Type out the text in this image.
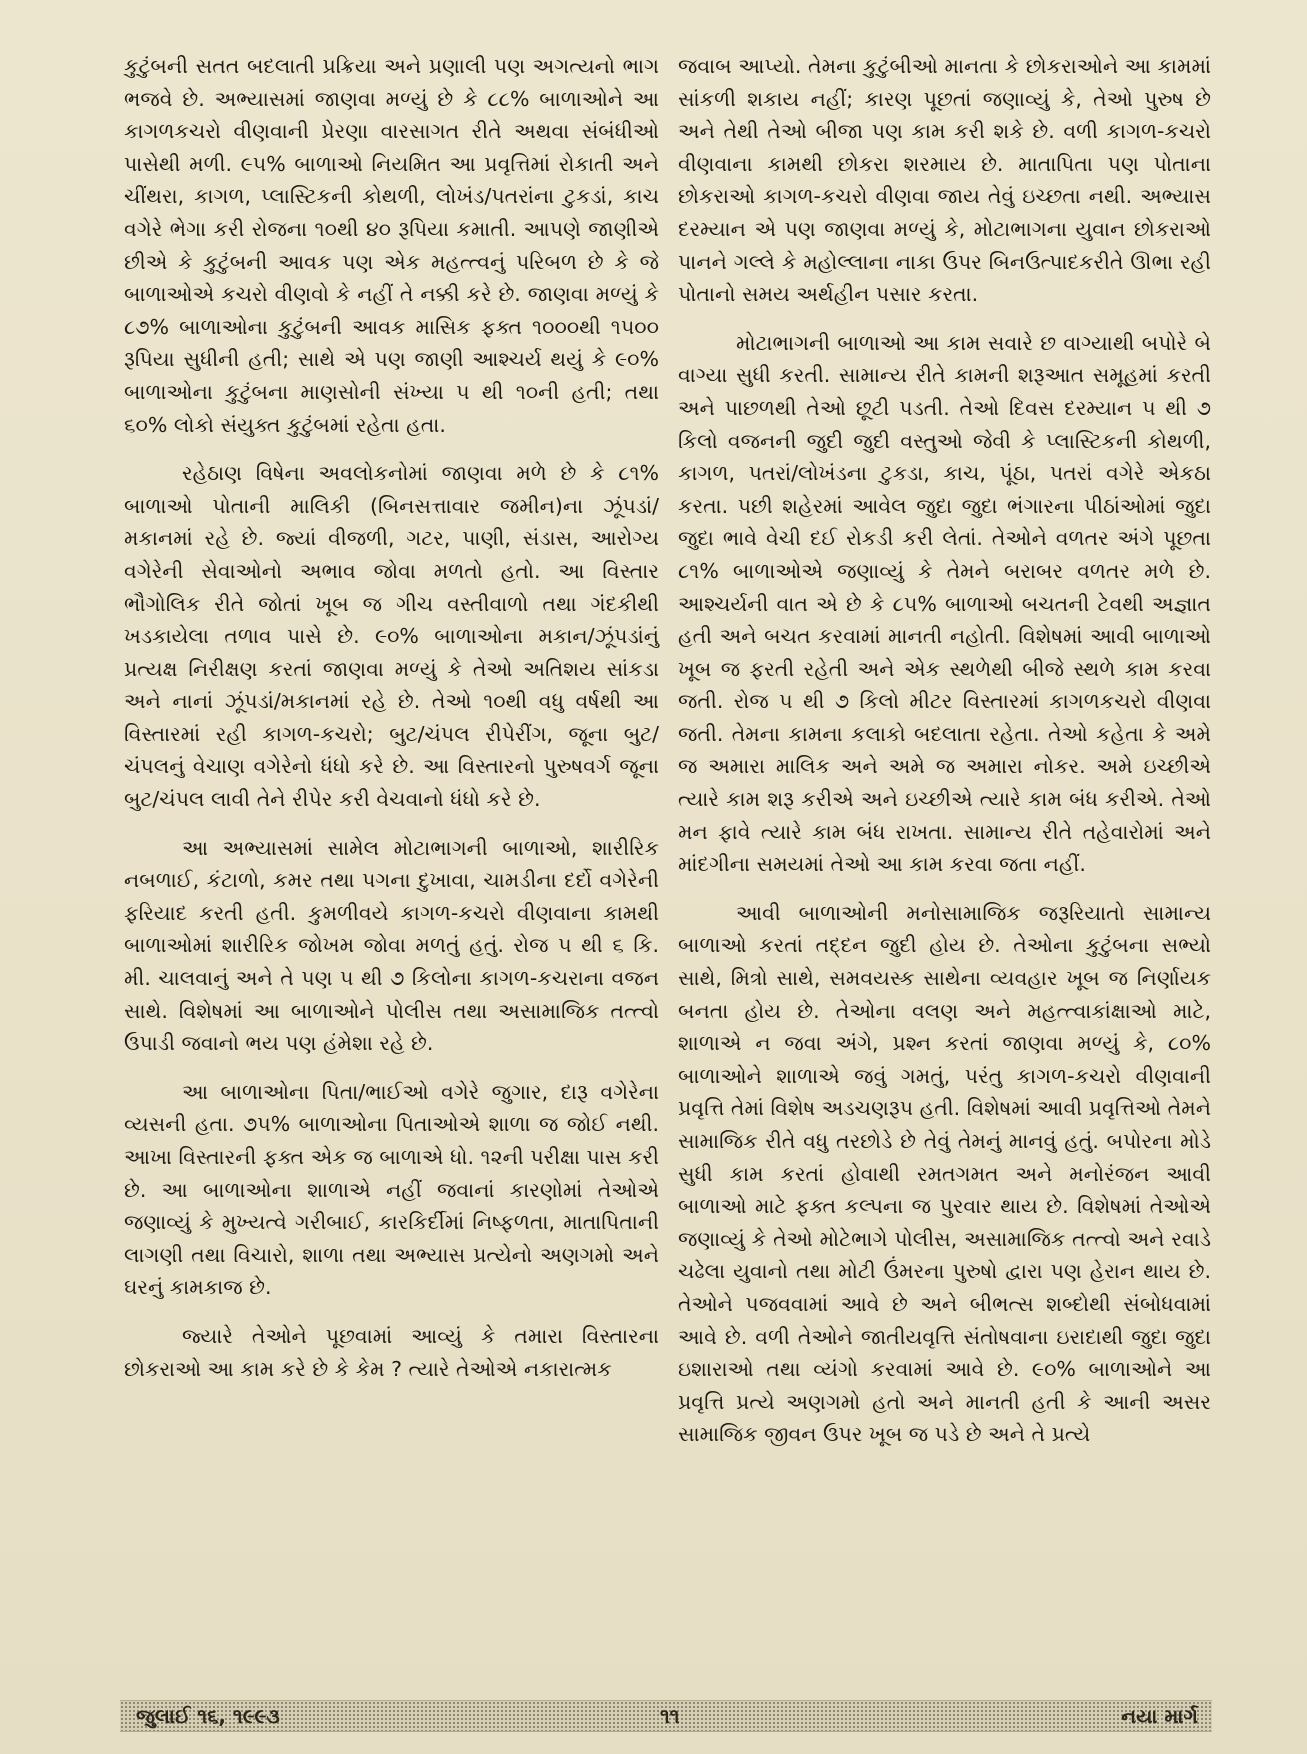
કુટુંબની સતત બદલાતી પ્રક્રિયા અને પ્રણાલી પણ અગત્યનો ભાગ ભજવે છે. અભ્યાસમાં જાણવા મળ્યું છે કે ૮૮% બાળાઓને આ કાગળકચરો વીણવાની પ્રેરણા વારસાગત રીતે અથવા સંબંધીઓ પાસેથી મળી. ૯૫% બાળાઓ નિયમિત આ પ્રવૃત્તિમાં રોકાતી અને ચીંથરા, કાગળ, પ્લાસ્ટિકની કોથળી, લોખંડ/પતરાંના ટુકડાં, કાચ વગેરે ભેગા કરી રોજના ૧૦થી ૪૦ રૂપિયા કમાતી. આપણે જાણીએ છીએ કે કુટુંબની આવક પણ એક મહત્ત્વનું પરિબળ છે કે જે બાળાઓએ કચરો વીણવો કે નહીં તે નક્કી કરે છે. જાણવા મળ્યું કે ૮૭% બાળાઓના કુટુંબની આવક માસિક ફક્ત ૧૦૦૦થી ૧૫૦૦ રૂપિયા સુધીની હતી; સાથે એ પણ જાણી આશ્ચર્ય થયું કે ૯૦% બાળાઓના કુટુંબના માણસોની સંખ્યા ૫ થી ૧૦ની હતી; તથા ૬૦% લોકો સંયુક્ત કુટુંબમાં રહેતા હતા.

રહેઠાણ વિષેના અવલોકનોમાં જાણવા મળે છે કે ૮૧% બાળાઓ પોતાની માલિકી (બિનસત્તાવાર જમીન)ના ઝૂંપડાં/મકાનમાં રહે છે. જ્યાં વીજળી, ગટર, પાણી, સંડાસ, આરોગ્ય વગેરેની સેવાઓનો અભાવ જોવા મળતો હતો. આ વિસ્તાર ભૌગોલિક રીતે જોતાં ખૂબ જ ગીચ વસ્તીવાળો તથા ગંદકીથી ખડકાયેલા તળાવ પાસે છે. ૯૦% બાળાઓના મકાન/ઝૂંપડાંનું પ્રત્યક્ષ નિરીક્ષણ કરતાં જાણવા મળ્યું કે તેઓ અતિશય સાંકડા અને નાનાં ઝૂંપડાં/મકાનમાં રહે છે. તેઓ ૧૦થી વધુ વર્ષથી આ વિસ્તારમાં રહી કાગળ-કચરો; બુટ/ચંપલ રીપેરીંગ, જૂના બુટ/ચંપલનું વેચાણ વગેરેનો ધંધો કરે છે. આ વિસ્તારનો પુરુષવર્ગ જૂના બુટ/ચંપલ લાવી તેને રીપેર કરી વેચવાનો ધંધો કરે છે.

આ અભ્યાસમાં સામેલ મોટાભાગની બાળાઓ, શારીરિક નબળાઈ, કંટાળો, કમર તથા પગના દુખાવા, ચામડીના દર્દો વગેરેની ફરિયાદ કરતી હતી. કુમળીવયે કાગળ-કચરો વીણવાના કામથી બાળાઓમાં શારીરિક જોખમ જોવા મળતું હતું. રોજ ૫ થી ૬ કિ. મી. ચાલવાનું અને તે પણ ૫ થી ૭ કિલોના કાગળ-કચરાના વજન સાથે. વિશેષમાં આ બાળાઓને પોલીસ તથા અસામાજિક તત્ત્વો ઉપાડી જવાનો ભય પણ હંમેશા રહે છે.

આ બાળાઓના પિતા/ભાઈઓ વગેરે જુગાર, દારૂ વગેરેના વ્યસની હતા. ૭૫% બાળાઓના પિતાઓએ શાળા જ જોઈ નથી. આખા વિસ્તારની ફક્ત એક જ બાળાએ ધો. ૧૨ની પરીક્ષા પાસ કરી છે. આ બાળાઓના શાળાએ નહીં જવાનાં કારણોમાં તેઓએ જણાવ્યું કે મુખ્યત્વે ગરીબાઈ, કારકિર્દીમાં નિષ્ફળતા, માતાપિતાની લાગણી તથા વિચારો, શાળા તથા અભ્યાસ પ્રત્યેનો અણગમો અને ઘરનું કામકાજ છે.

જ્યારે તેઓને પૂછવામાં આવ્યું કે તમારા વિસ્તારના છોકરાઓ આ કામ કરે છે કે કેમ ? ત્યારે તેઓએ નકારાત્મક

જવાબ આપ્યો. તેમના કુટુંબીઓ માનતા કે છોકરાઓને આ કામમાં સાંકળી શકાય નહીં; કારણ પૂછતાં જણાવ્યું કે, તેઓ પુરુષ છે અને તેથી તેઓ બીજા પણ કામ કરી શકે છે. વળી કાગળ-કચરો વીણવાના કામથી છોકરા શરમાય છે. માતાપિતા પણ પોતાના છોકરાઓ કાગળ-કચરો વીણવા જાય તેવું ઇચ્છતા નથી. અભ્યાસ દરમ્યાન એ પણ જાણવા મળ્યું કે, મોટાભાગના યુવાન છોકરાઓ પાનને ગલ્લે કે મહોલ્લાના નાકા ઉપર બિનઉત્પાદકરીતે ઊભા રહી પોતાનો સમય અર્થહીન પસાર કરતા.

મોટાભાગની બાળાઓ આ કામ સવારે છ વાગ્યાથી બપોરે બે વાગ્યા સુધી કરતી. સામાન્ય રીતે કામની શરૂઆત સમૂહમાં કરતી અને પાછળથી તેઓ છૂટી પડતી. તેઓ દિવસ દરમ્યાન ૫ થી ૭ કિલો વજનની જુદી જુદી વસ્તુઓ જેવી કે પ્લાસ્ટિકની કોથળી, કાગળ, પતરાં/લોખંડના ટુકડા, કાચ, પૂંઠા, પતરાં વગેરે એકઠા કરતા. પછી શહેરમાં આવેલ જુદા જુદા ભંગારના પીઠાંઓમાં જુદા જુદા ભાવે વેચી દઈ રોકડી કરી લેતાં. તેઓને વળતર અંગે પૂછતા ૮૧% બાળાઓએ જણાવ્યું કે તેમને બરાબર વળતર મળે છે. આશ્ચર્યની વાત એ છે કે ૮૫% બાળાઓ બચતની ટેવથી અજ્ઞાત હતી અને બચત કરવામાં માનતી નહોતી. વિશેષમાં આવી બાળાઓ ખૂબ જ ફરતી રહેતી અને એક સ્થળેથી બીજે સ્થળે કામ કરવા જતી. રોજ ૫ થી ૭ કિલો મીટર વિસ્તારમાં કાગળકચરો વીણવા જતી. તેમના કામના કલાકો બદલાતા રહેતા. તેઓ કહેતા કે અમે જ અમારા માલિક અને અમે જ અમારા નોકર. અમે ઇચ્છીએ ત્યારે કામ શરૂ કરીએ અને ઇચ્છીએ ત્યારે કામ બંધ કરીએ. તેઓ મન ફાવે ત્યારે કામ બંધ રાખતા. સામાન્ય રીતે તહેવારોમાં અને માંદગીના સમયમાં તેઓ આ કામ કરવા જતા નહીં.

આવી બાળાઓની મનોસામાજિક જરૂરિયાતો સામાન્ય બાળાઓ કરતાં તદ્દન જુદી હોય છે. તેઓના કુટુંબના સભ્યો સાથે, મિત્રો સાથે, સમવયસ્ક સાથેના વ્યવહાર ખૂબ જ નિર્ણાયક બનતા હોય છે. તેઓના વલણ અને મહત્ત્વાકાંક્ષાઓ માટે, શાળાએ ન જવા અંગે, પ્રશ્ન કરતાં જાણવા મળ્યું કે, ૮૦% બાળાઓને શાળાએ જવું ગમતું, પરંતુ કાગળ-કચરો વીણવાની પ્રવૃત્તિ તેમાં વિશેષ અડચણરૂપ હતી. વિશેષમાં આવી પ્રવૃત્તિઓ તેમને સામાજિક રીતે વધુ તરછોડે છે તેવું તેમનું માનવું હતું. બપોરના મોડે સુધી કામ કરતાં હોવાથી રમતગમત અને મનોરંજન આવી બાળાઓ માટે ફક્ત કલ્પના જ પુરવાર થાય છે. વિશેષમાં તેઓએ જણાવ્યું કે તેઓ મોટેભાગે પોલીસ, અસામાજિક તત્ત્વો અને રવાડે ચઢેલા યુવાનો તથા મોટી ઉંમરના પુરુષો દ્વારા પણ હેરાન થાય છે. તેઓને પજવવામાં આવે છે અને બીભત્સ શબ્દોથી સંબોધવામાં આવે છે. વળી તેઓને જાતીયવૃત્તિ સંતોષવાના ઇરાદાથી જુદા જુદા ઇશારાઓ તથા વ્યંગો કરવામાં આવે છે. ૯૦% બાળાઓને આ પ્રવૃત્તિ પ્રત્યે અણગમો હતો અને માનતી હતી કે આની અસર સામાજિક જીવન ઉપર ખૂબ જ પડે છે અને તે પ્રત્યે

જુલાઈ ૧૬, ૧૯૯૩	૧૧	નયા માર્ગ
